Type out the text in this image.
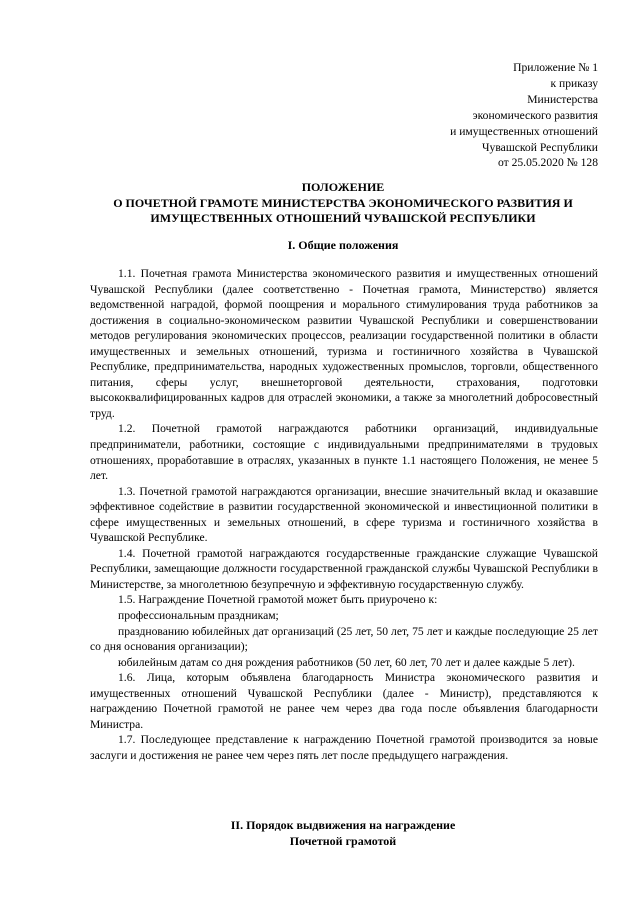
Приложение № 1
к приказу
Министерства
экономического развития
и имущественных отношений
Чувашской Республики
от 25.05.2020 № 128
ПОЛОЖЕНИЕ
О ПОЧЕТНОЙ ГРАМОТЕ МИНИСТЕРСТВА ЭКОНОМИЧЕСКОГО РАЗВИТИЯ И
ИМУЩЕСТВЕННЫХ ОТНОШЕНИЙ ЧУВАШСКОЙ РЕСПУБЛИКИ
I. Общие положения

1.1. Почетная грамота Министерства экономического развития и имущественных отношений Чувашской Республики (далее соответственно - Почетная грамота, Министерство) является ведомственной наградой, формой поощрения и морального стимулирования труда работников за достижения в социально-экономическом развитии Чувашской Республики и совершенствовании методов регулирования экономических процессов, реализации государственной политики в области имущественных и земельных отношений, туризма и гостиничного хозяйства в Чувашской Республике, предпринимательства, народных художественных промыслов, торговли, общественного питания, сферы услуг, внешнеторговой деятельности, страхования, подготовки высококвалифицированных кадров для отраслей экономики, а также за многолетний добросовестный труд.

1.2. Почетной грамотой награждаются работники организаций, индивидуальные предприниматели, работники, состоящие с индивидуальными предпринимателями в трудовых отношениях, проработавшие в отраслях, указанных в пункте 1.1 настоящего Положения, не менее 5 лет.

1.3. Почетной грамотой награждаются организации, внесшие значительный вклад и оказавшие эффективное содействие в развитии государственной экономической и инвестиционной политики в сфере имущественных и земельных отношений, в сфере туризма и гостиничного хозяйства в Чувашской Республике.

1.4. Почетной грамотой награждаются государственные гражданские служащие Чувашской Республики, замещающие должности государственной гражданской службы Чувашской Республики в Министерстве, за многолетнюю безупречную и эффективную государственную службу.

1.5. Награждение Почетной грамотой может быть приурочено к:

профессиональным праздникам;

празднованию юбилейных дат организаций (25 лет, 50 лет, 75 лет и каждые последующие 25 лет со дня основания организации);

юбилейным датам со дня рождения работников (50 лет, 60 лет, 70 лет и далее каждые 5 лет).

1.6. Лица, которым объявлена благодарность Министра экономического развития и имущественных отношений Чувашской Республики (далее - Министр), представляются к награждению Почетной грамотой не ранее чем через два года после объявления благодарности Министра.

1.7. Последующее представление к награждению Почетной грамотой производится за новые заслуги и достижения не ранее чем через пять лет после предыдущего награждения.

II. Порядок выдвижения на награждение
Почетной грамотой
